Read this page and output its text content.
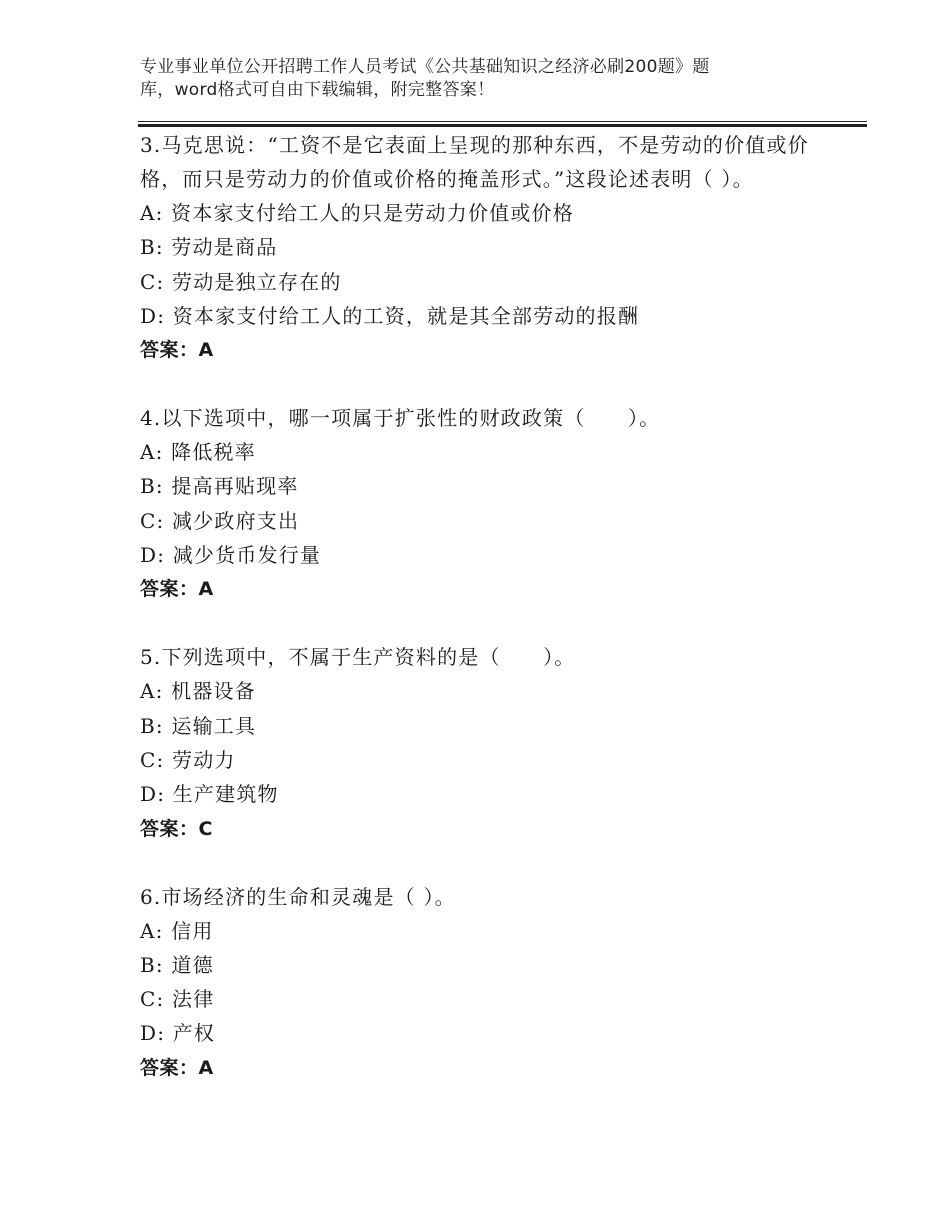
专业事业单位公开招聘工作人员考试《公共基础知识之经济必刷200题》题
库，word格式可自由下载编辑，附完整答案！
3.马克思说：“工资不是它表面上呈现的那种东西，不是劳动的价值或价格，而只是劳动力的价值或价格的掩盖形式。”这段论述表明（ ）。
A: 资本家支付给工人的只是劳动力价值或价格
B: 劳动是商品
C: 劳动是独立存在的
D: 资本家支付给工人的工资，就是其全部劳动的报酬
答案：A
4.以下选项中，哪一项属于扩张性的财政政策（　　）。
A: 降低税率
B: 提高再贴现率
C: 减少政府支出
D: 减少货币发行量
答案：A
5.下列选项中，不属于生产资料的是（　　）。
A: 机器设备
B: 运输工具
C: 劳动力
D: 生产建筑物
答案：C
6.市场经济的生命和灵魂是（ ）。
A: 信用
B: 道德
C: 法律
D: 产权
答案：A
